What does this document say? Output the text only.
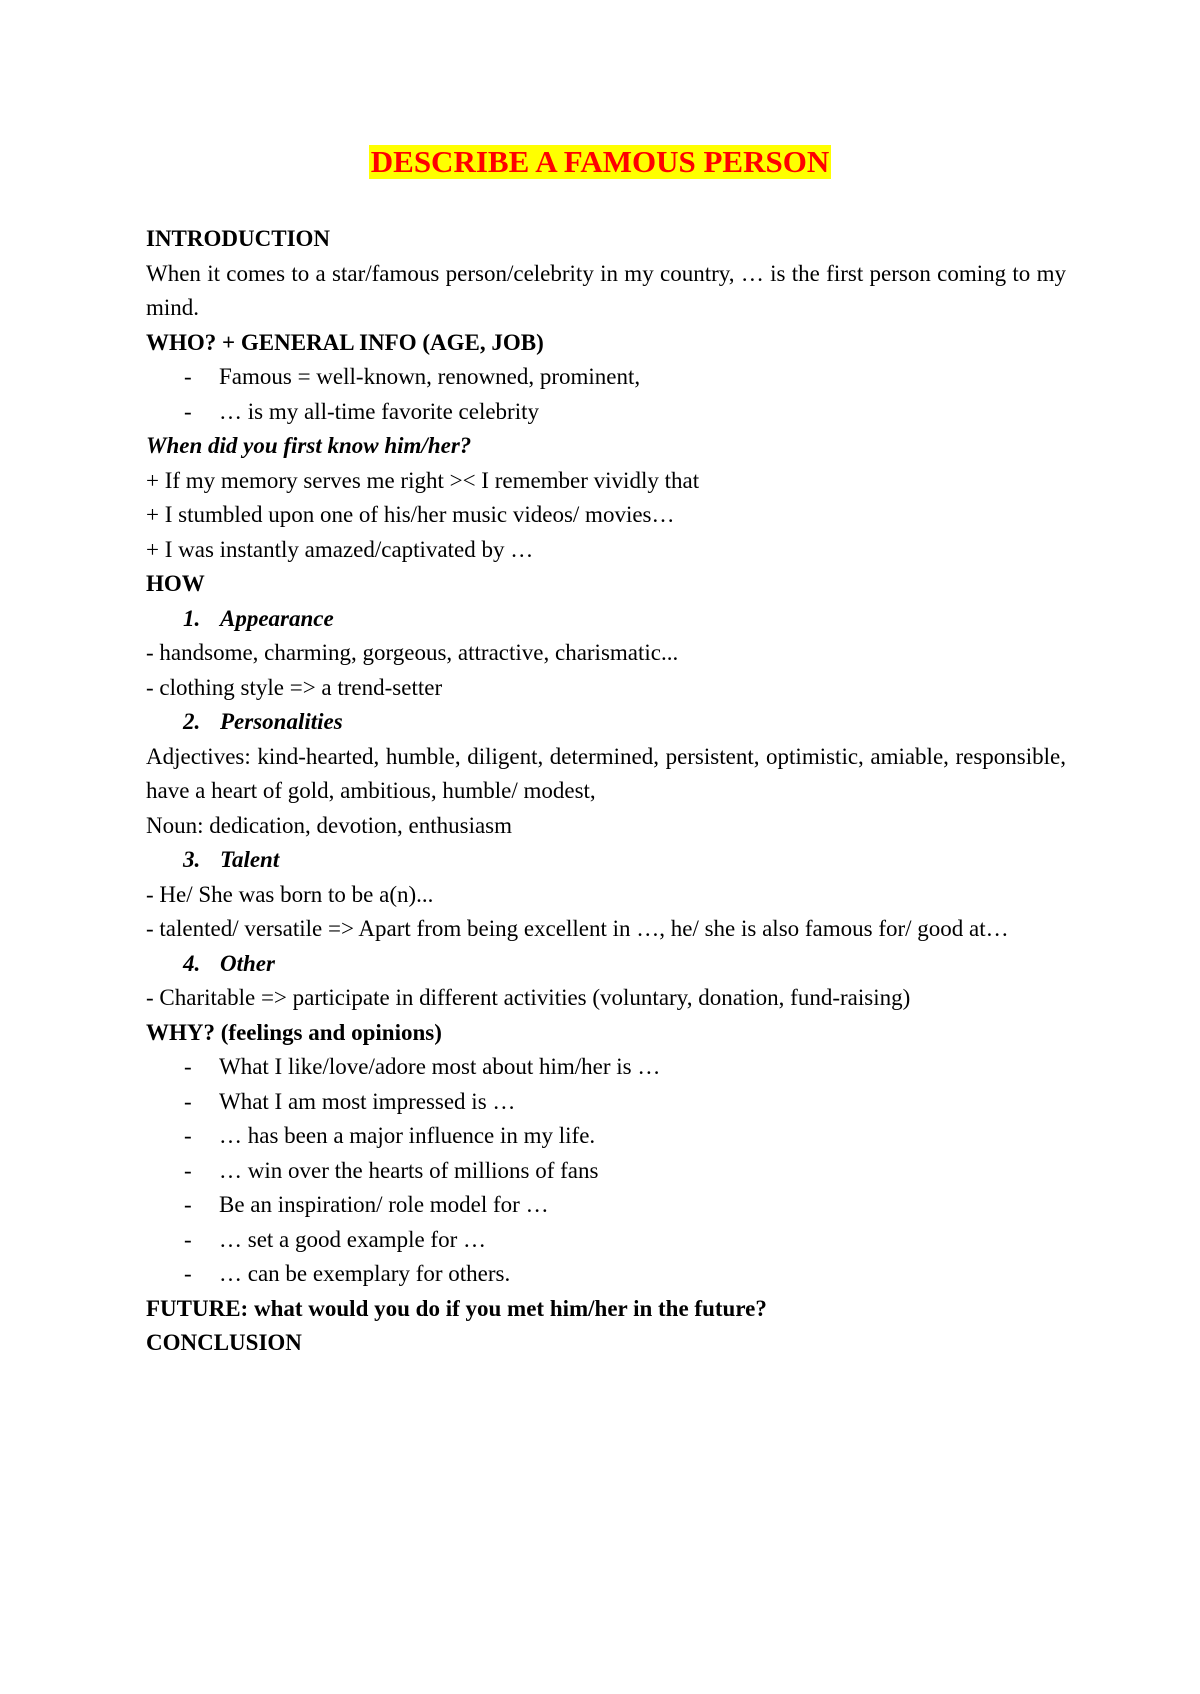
DESCRIBE A FAMOUS PERSON
INTRODUCTION
When it comes to a star/famous person/celebrity in my country, … is the first person coming to my mind.
WHO? + GENERAL INFO (AGE, JOB)
- Famous = well-known, renowned, prominent,
- … is my all-time favorite celebrity
When did you first know him/her?
+ If my memory serves me right >< I remember vividly that
+ I stumbled upon one of his/her music videos/ movies…
+ I was instantly amazed/captivated by …
HOW
1. Appearance
- handsome, charming, gorgeous, attractive, charismatic...
- clothing style => a trend-setter
2. Personalities
Adjectives: kind-hearted, humble, diligent, determined, persistent, optimistic, amiable, responsible, have a heart of gold, ambitious, humble/ modest,
Noun: dedication, devotion, enthusiasm
3. Talent
- He/ She was born to be a(n)...
- talented/ versatile => Apart from being excellent in …, he/ she is also famous for/ good at…
4. Other
- Charitable => participate in different activities (voluntary, donation, fund-raising)
WHY? (feelings and opinions)
- What I like/love/adore most about him/her is …
- What I am most impressed is …
- … has been a major influence in my life.
- … win over the hearts of millions of fans
- Be an inspiration/ role model for …
- … set a good example for …
- … can be exemplary for others.
FUTURE: what would you do if you met him/her in the future?
CONCLUSION
